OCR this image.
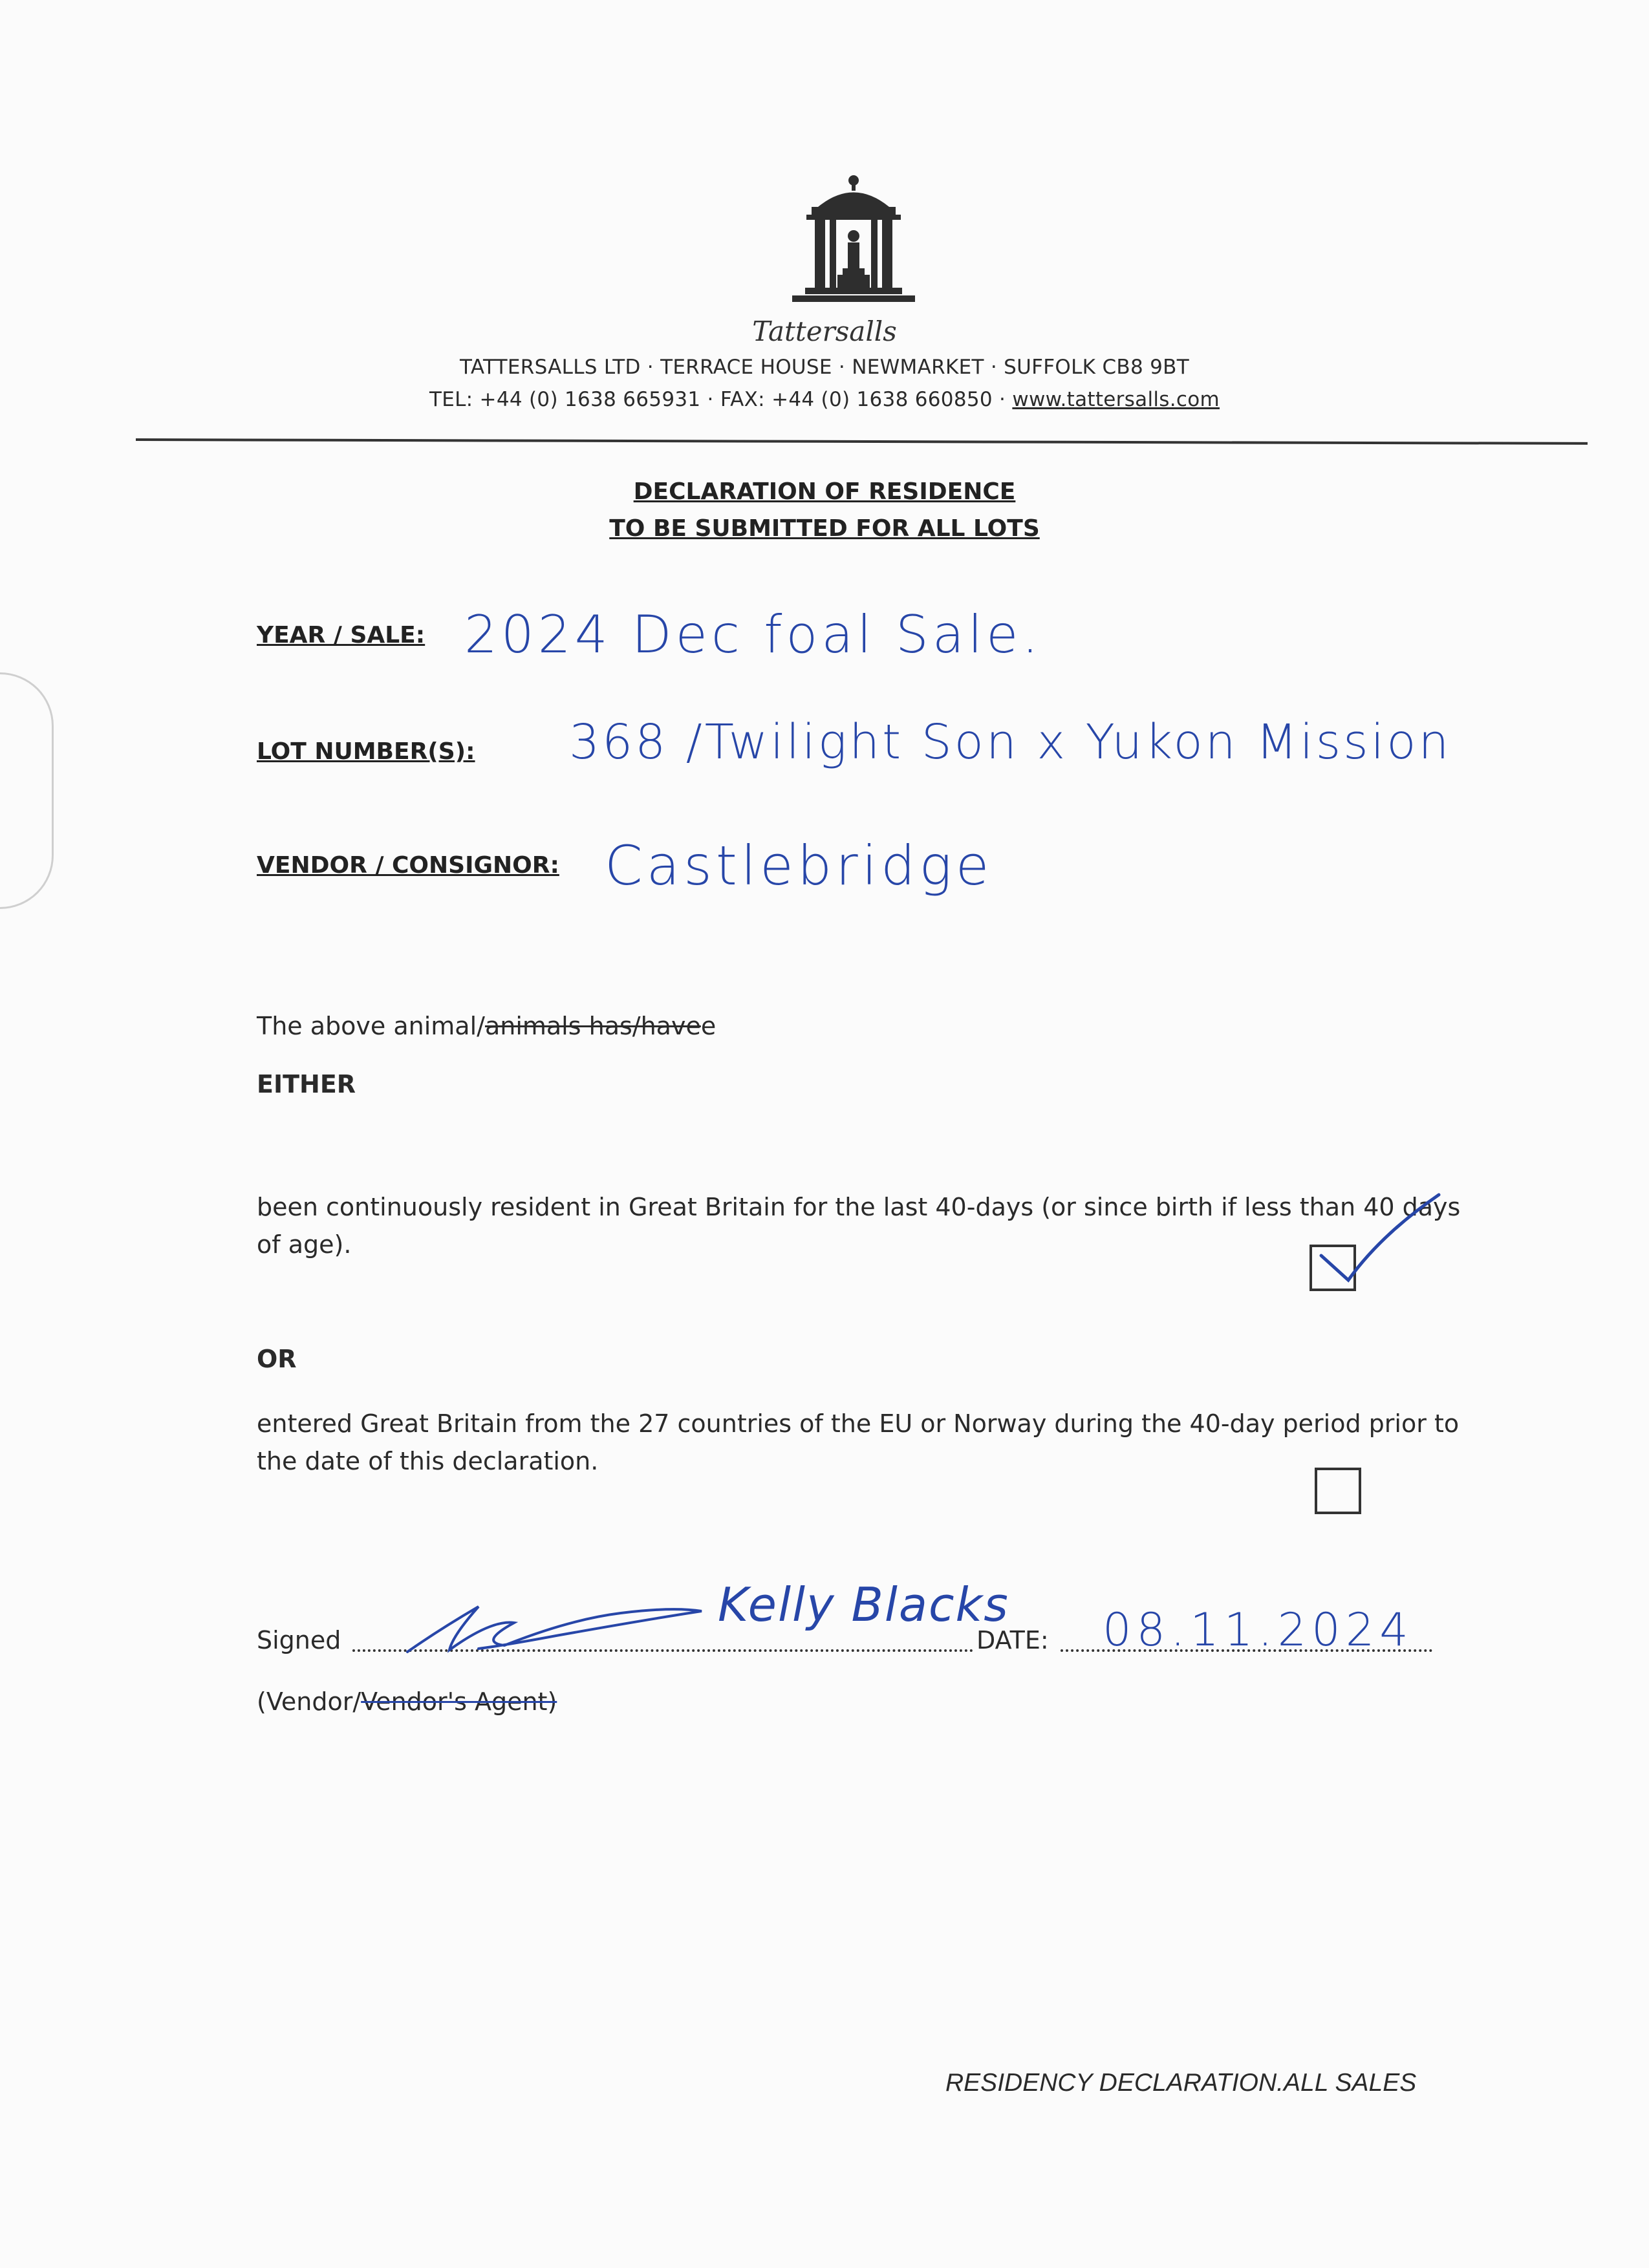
Tattersalls
TATTERSALLS LTD · TERRACE HOUSE · NEWMARKET · SUFFOLK CB8 9BT
TEL: +44 (0) 1638 665931 · FAX: +44 (0) 1638 660850 · www.tattersalls.com
DECLARATION OF RESIDENCE
TO BE SUBMITTED FOR ALL LOTS
YEAR / SALE: 2024 Dec foal Sale.
LOT NUMBER(S): 368 /Twilight Son x Yukon Mission
VENDOR / CONSIGNOR: Castlebridge
The above animal/animals has/havee
EITHER
been continuously resident in Great Britain for the last 40-days (or since birth if less than 40 days of age).
OR
entered Great Britain from the 27 countries of the EU or Norway during the 40-day period prior to the date of this declaration.
Signed
Kelly Blacks
DATE: 08.11.2024
(Vendor/Vendor's Agent)
RESIDENCY DECLARATION.ALL SALES
